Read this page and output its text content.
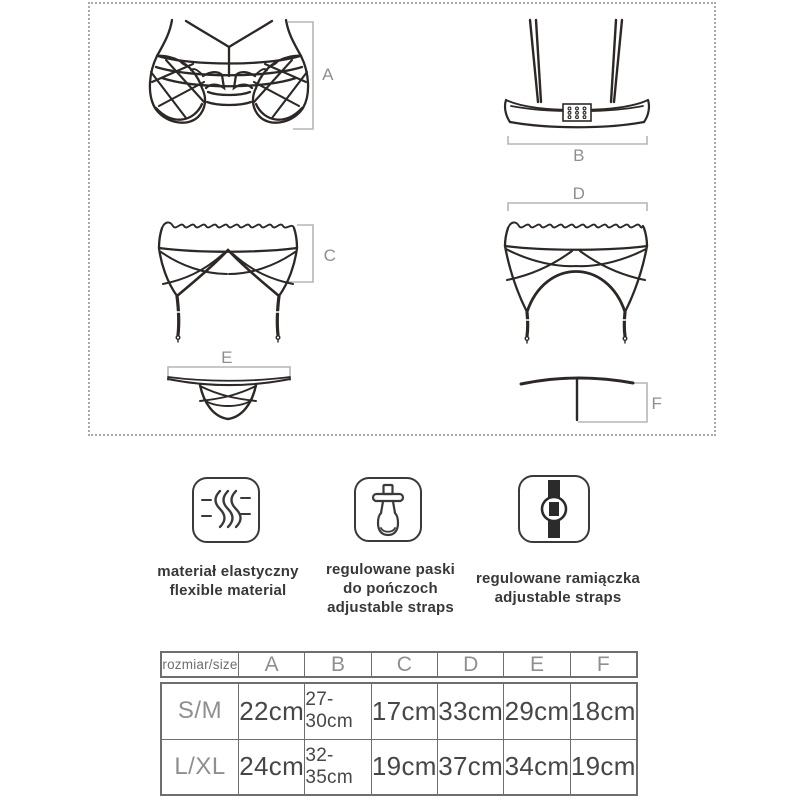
A
B
C
D
E
F
materiał elastyczny
flexible material
regulowane paski
do pończoch
adjustable straps
regulowane ramiączka
adjustable straps
rozmiar/size A B C D E	F
S/M 22cm 27-30cm 17cm 33cm 29cm 18cm
L/XL 24cm 32-35cm 19cm 37cm 34cm 19cm
